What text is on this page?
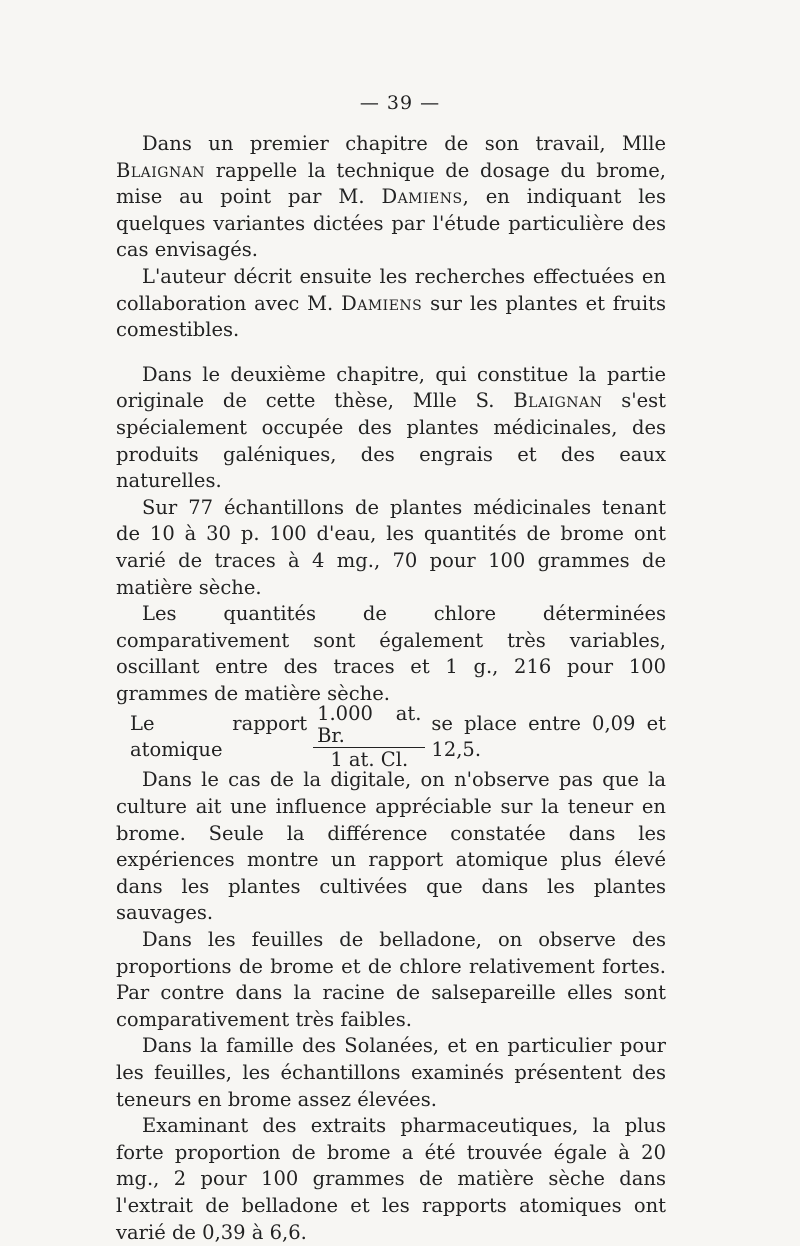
— 39 —

Dans un premier chapitre de son travail, Mlle Blaignan rappelle la technique de dosage du brome, mise au point par M. Damiens, en indiquant les quelques variantes dictées par l'étude particulière des cas envisagés.

L'auteur décrit ensuite les recherches effectuées en collaboration avec M. Damiens sur les plantes et fruits comestibles.

Dans le deuxième chapitre, qui constitue la partie originale de cette thèse, Mlle S. Blaignan s'est spécialement occupée des plantes médicinales, des produits galéniques, des engrais et des eaux naturelles.

Sur 77 échantillons de plantes médicinales tenant de 10 à 30 p. 100 d'eau, les quantités de brome ont varié de traces à 4 mg., 70 pour 100 grammes de matière sèche.

Les quantités de chlore déterminées comparativement sont également très variables, oscillant entre des traces et 1 g., 216 pour 100 grammes de matière sèche.

Le rapport atomique	$\frac{1.000 at. Br.}{1 at. Cl.}$ se place entre 0,09 et 12,5.

Dans le cas de la digitale, on n'observe pas que la culture ait une influence appréciable sur la teneur en brome. Seule la différence constatée dans les expériences montre un rapport atomique plus élevé dans les plantes cultivées que dans les plantes sauvages.

Dans les feuilles de belladone, on observe des proportions de brome et de chlore relativement fortes. Par contre dans la racine de salsepareille elles sont comparativement très faibles.

Dans la famille des Solanées, et en particulier pour les feuilles, les échantillons examinés présentent des teneurs en brome assez élevées.

Examinant des extraits pharmaceutiques, la plus forte proportion de brome a été trouvée égale à 20 mg., 2 pour 100 grammes de matière sèche dans l'extrait de belladone et les rapports atomiques ont varié de 0,39 à 6,6.
